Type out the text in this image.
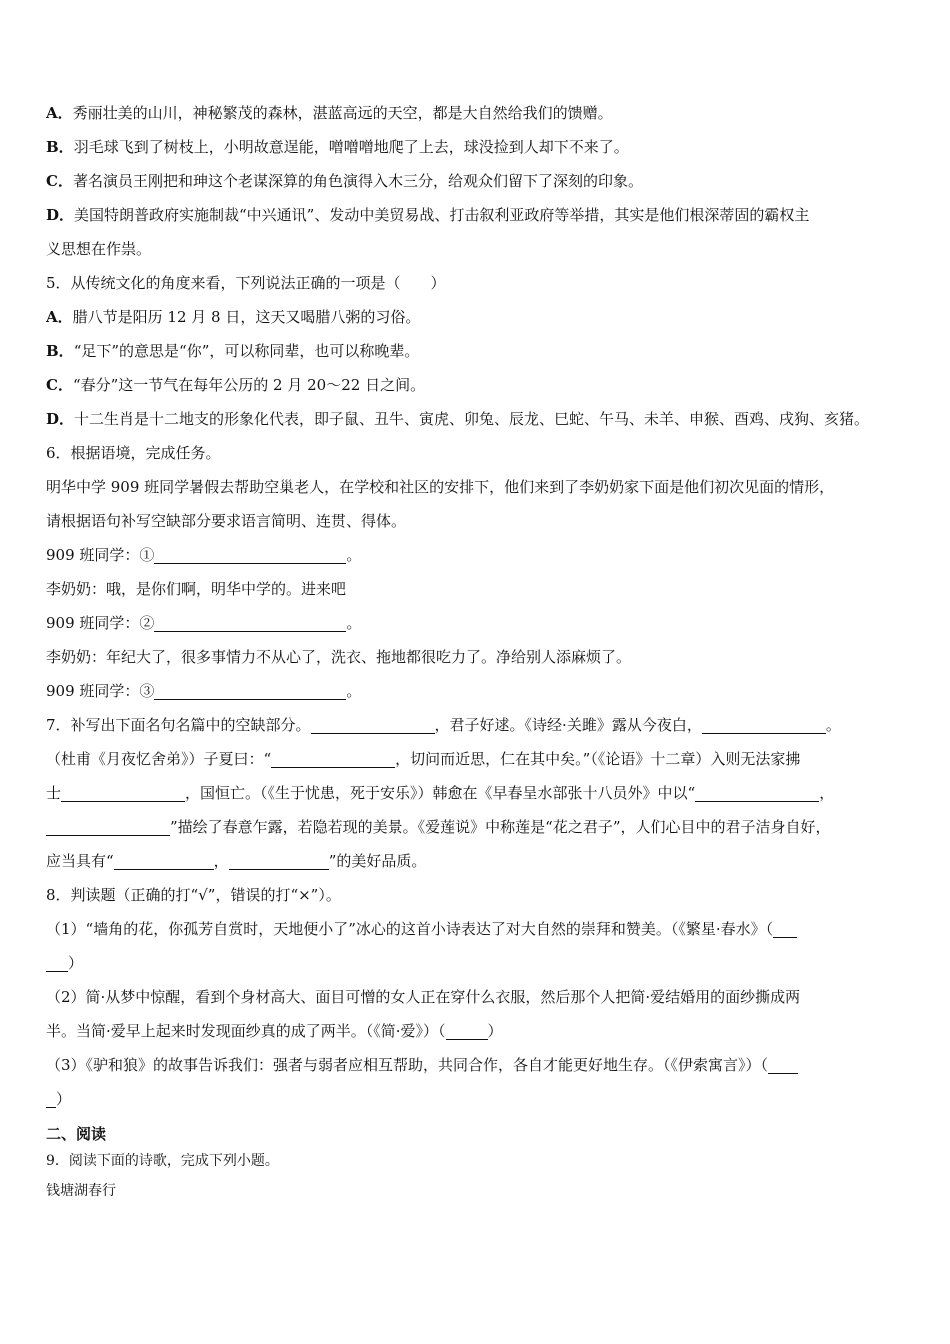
A．秀丽壮美的山川，神秘繁茂的森林，湛蓝高远的天空，都是大自然给我们的馈赠。
B．羽毛球飞到了树枝上，小明故意逞能，噌噌噌地爬了上去，球没捡到人却下不来了。
C．著名演员王刚把和珅这个老谋深算的角色演得入木三分，给观众们留下了深刻的印象。
D．美国特朗普政府实施制裁“中兴通讯”、发动中美贸易战、打击叙利亚政府等举措，其实是他们根深蒂固的霸权主
义思想在作祟。
5．从传统文化的角度来看，下列说法正确的一项是（　　）
A．腊八节是阳历 12 月 8 日，这天又喝腊八粥的习俗。
B．“足下”的意思是“你”，可以称同辈，也可以称晚辈。
C．“春分”这一节气在每年公历的 2 月 20～22 日之间。
D．十二生肖是十二地支的形象化代表，即子鼠、丑牛、寅虎、卯兔、辰龙、巳蛇、午马、未羊、申猴、酉鸡、戌狗、亥猪。
6．根据语境，完成任务。
明华中学 909 班同学暑假去帮助空巢老人，在学校和社区的安排下，他们来到了李奶奶家下面是他们初次见面的情形，
请根据语句补写空缺部分要求语言简明、连贯、得体。
909 班同学：①	。
李奶奶：哦，是你们啊，明华中学的。进来吧
909 班同学：②	。
李奶奶：年纪大了，很多事情力不从心了，洗衣、拖地都很吃力了。净给别人添麻烦了。
909 班同学：③	。
7．补写出下面名句名篇中的空缺部分。	，君子好逑。《诗经·关雎》露从今夜白，	。
（杜甫《月夜忆舍弟》）子夏曰：“	，切问而近思，仁在其中矣。”（《论语》十二章）入则无法家拂
士	，国恒亡。（《生于忧患，死于安乐》）韩愈在《早春呈水部张十八员外》中以“	，
”描绘了春意乍露，若隐若现的美景。《爱莲说》中称莲是“花之君子”，人们心目中的君子洁身自好，
应当具有“	，	”的美好品质。
8．判读题（正确的打“√”，错误的打“×”）。
（1）“墙角的花，你孤芳自赏时，天地便小了”冰心的这首小诗表达了对大自然的崇拜和赞美。（《繁星·春水》（
）
（2）简·从梦中惊醒，看到个身材高大、面目可憎的女人正在穿什么衣服，然后那个人把简·爱结婚用的面纱撕成两
半。当简·爱早上起来时发现面纱真的成了两半。（《简·爱》）（	）
（3）《驴和狼》的故事告诉我们：强者与弱者应相互帮助，共同合作，各自才能更好地生存。（《伊索寓言》）（
）
二、阅读
9．阅读下面的诗歌，完成下列小题。
钱塘湖春行
